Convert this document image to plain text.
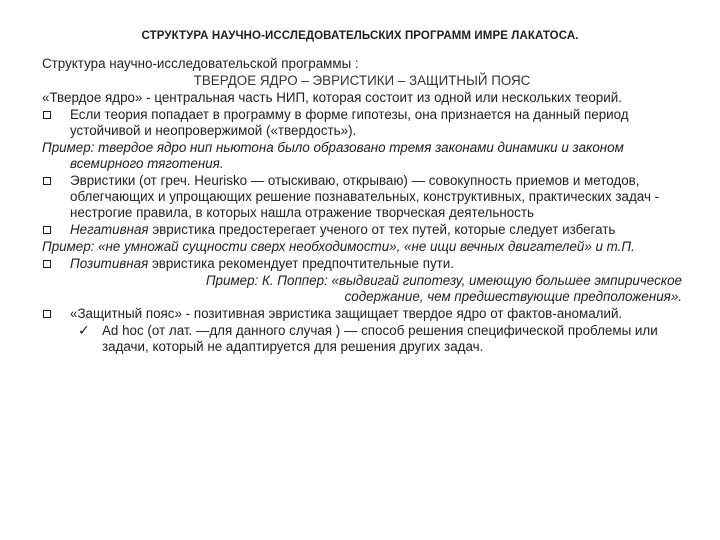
СТРУКТУРА НАУЧНО-ИССЛЕДОВАТЕЛЬСКИХ ПРОГРАММ ИМРЕ ЛАКАТОСА.
Структура научно-исследовательской программы :
ТВЕРДОЕ ЯДРО – ЭВРИСТИКИ – ЗАЩИТНЫЙ ПОЯС
«Твердое ядро» - центральная часть НИП, которая состоит из одной или нескольких теорий.
Если теория попадает в программу в форме гипотезы, она признается на данный период устойчивой и неопровержимой («твердость»).
Пример: твердое ядро нип ньютона было образовано тремя законами динамики и законом всемирного тяготения.
Эвристики (от греч. Heurisko — отыскиваю, открываю) — совокупность приемов и методов, облегчающих и упрощающих решение познавательных, конструктивных, практических задач - нестрогие правила, в которых нашла отражение творческая деятельность
Негативная эвристика предостерегает ученого от тех путей, которые следует избегать
Пример: «не умножай сущности сверх необходимости», «не ищи вечных двигателей» и т.П.
Позитивная эвристика рекомендует предпочтительные пути.
Пример: К. Поппер: «выдвигай гипотезу, имеющую большее эмпирическое содержание, чем предшествующие предположения».
«Защитный пояс» - позитивная эвристика защищает твердое ядро от фактов-аномалий.
✓ Ad hoc (от лат. —для данного случая ) — способ решения специфической проблемы или задачи, который не адаптируется для решения других задач.
